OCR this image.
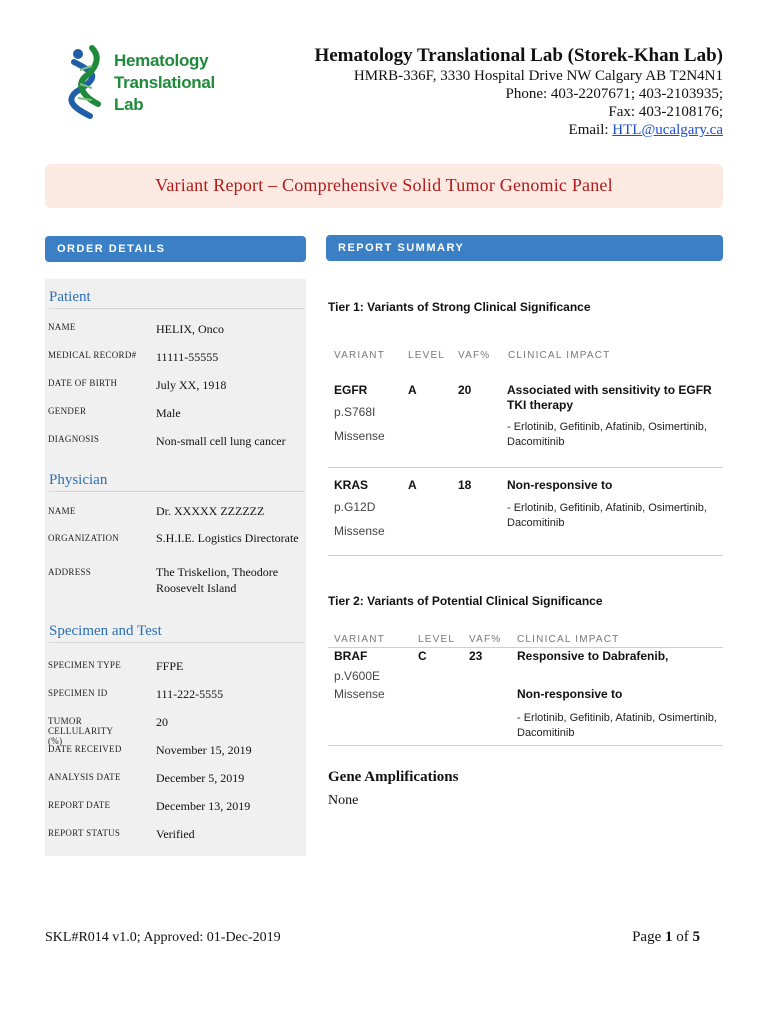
Hematology
Translational
Lab
Hematology Translational Lab (Storek-Khan Lab)
HMRB-336F, 3330 Hospital Drive NW Calgary AB T2N4N1
Phone: 403-2207671; 403-2103935;
Fax: 403-2108176;
Email: HTL@ucalgary.ca
Variant Report – Comprehensive Solid Tumor Genomic Panel
ORDER DETAILS	REPORT SUMMARY
Patient
NAME	HELIX, Onco
MEDICAL RECORD#	11111-55555
DATE OF BIRTH	July XX, 1918
GENDER	Male
DIAGNOSIS	Non-small cell lung cancer
Physician
NAME	Dr. XXXXX ZZZZZZ
ORGANIZATION	S.H.I.E. Logistics Directorate
ADDRESS	The Triskelion, Theodore Roosevelt Island
Specimen and Test
SPECIMEN TYPE	FFPE
SPECIMEN ID	111-222-5555
TUMOR CELLULARITY (%)
20
DATE RECEIVED	November 15, 2019
ANALYSIS DATE	December 5, 2019
REPORT DATE	December 13, 2019
REPORT STATUS	Verified
Tier 1: Variants of Strong Clinical Significance
VARIANT LEVEL VAF% CLINICAL IMPACT
EGFR
p.S768I
Missense
A	20	Associated with sensitivity to EGFR TKI therapy
- Erlotinib, Gefitinib, Afatinib, Osimertinib, Dacomitinib
KRAS
p.G12D
Missense
A	18	Non-responsive to
- Erlotinib, Gefitinib, Afatinib, Osimertinib, Dacomitinib
Tier 2: Variants of Potential Clinical Significance
VARIANT	LEVEL VAF% CLINICAL IMPACT
BRAF
p.V600E
Missense
C	23	Responsive to Dabrafenib,
Non-responsive to
- Erlotinib, Gefitinib, Afatinib, Osimertinib, Dacomitinib
Gene Amplifications
None
SKL#R014 v1.0; Approved: 01-Dec-2019	Page 1 of 5
